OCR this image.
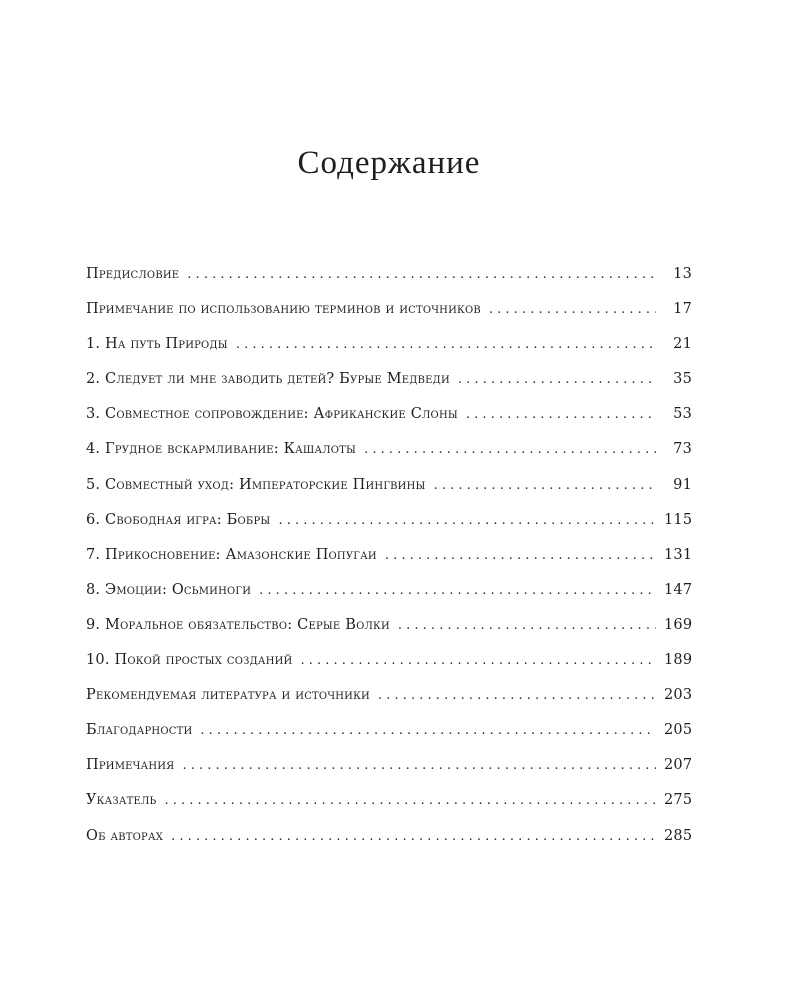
Содержание
Предисловие . . .	13
Примечание по использованию терминов и источников . . .	17
1. На путь Природы . . .	21
2. Следует ли мне заводить детей? Бурые Медведи . . .	35
3. Совместное сопровождение: Африканские Слоны . . .	53
4. Грудное вскармливание: Кашалоты . . .	73
5. Совместный уход: Императорские Пингвины . . .	91
6. Свободная игра: Бобры . . .	115
7. Прикосновение: Амазонские Попугаи . . .	131
8. Эмоции: Осьминоги . . .	147
9. Моральное обязательство: Серые Волки . . .	169
10. Покой простых созданий . . .	189
Рекомендуемая литература и источники . . .	203
Благодарности . . .	205
Примечания . . .	207
Указатель . . .	275
Об авторах . . .	285
